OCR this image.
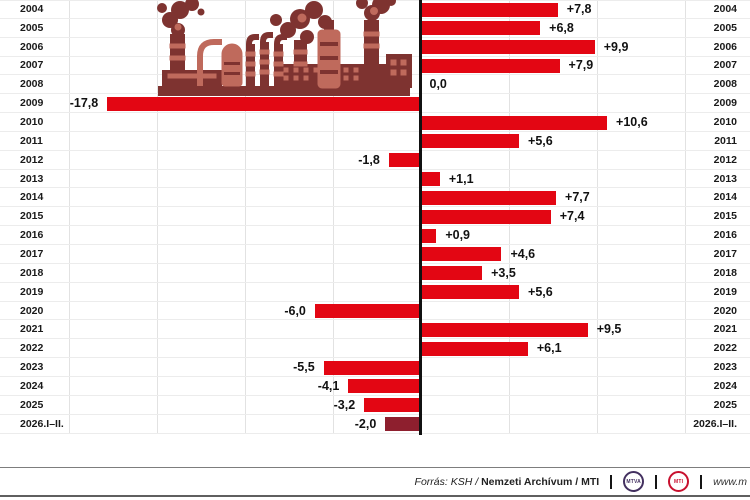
2004	2004
+7,8
2005	2005
+6,8
2006	2006
+9,9
2007	2007
+7,9
2008	2008
0,0
2009	2009
-17,8
2010	2010
+10,6
2011	2011
+5,6
2012	2012
-1,8
2013	2013
+1,1
2014	2014
+7,7
2015	2015
+7,4
2016	2016
+0,9
2017	2017
+4,6
2018	2018
+3,5
2019	2019
+5,6
2020	2020
-6,0
2021	2021
+9,5
2022	2022
+6,1
2023	2023
-5,5
2024	2024
-4,1
2025	2025
-3,2
2026.I–II.	2026.I–II.
-2,0
Forrás: KSH / Nemzeti Archívum / MTI	MTVA	MTI	www.m
